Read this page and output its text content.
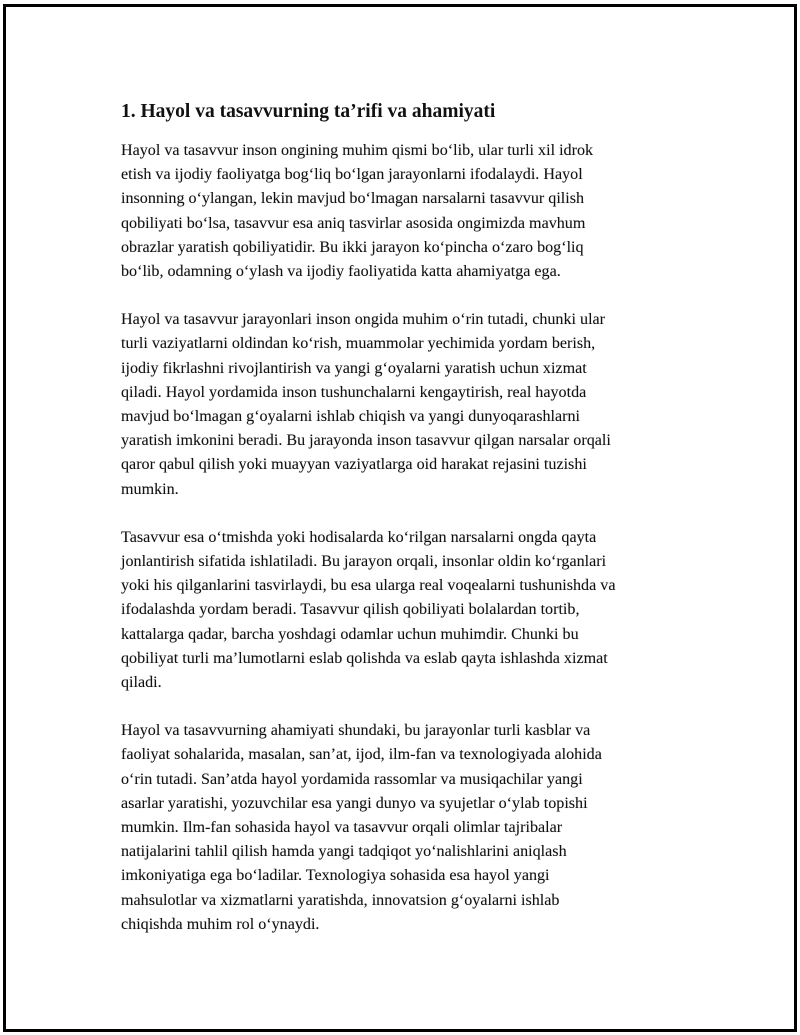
1. Hayol va tasavvurning ta’rifi va ahamiyati

Hayol va tasavvur inson ongining muhim qismi bo‘lib, ular turli xil idrok
etish va ijodiy faoliyatga bog‘liq bo‘lgan jarayonlarni ifodalaydi. Hayol
insonning o‘ylangan, lekin mavjud bo‘lmagan narsalarni tasavvur qilish
qobiliyati bo‘lsa, tasavvur esa aniq tasvirlar asosida ongimizda mavhum
obrazlar yaratish qobiliyatidir. Bu ikki jarayon ko‘pincha o‘zaro bog‘liq
bo‘lib, odamning o‘ylash va ijodiy faoliyatida katta ahamiyatga ega.

Hayol va tasavvur jarayonlari inson ongida muhim o‘rin tutadi, chunki ular
turli vaziyatlarni oldindan ko‘rish, muammolar yechimida yordam berish,
ijodiy fikrlashni rivojlantirish va yangi g‘oyalarni yaratish uchun xizmat
qiladi. Hayol yordamida inson tushunchalarni kengaytirish, real hayotda
mavjud bo‘lmagan g‘oyalarni ishlab chiqish va yangi dunyoqarashlarni
yaratish imkonini beradi. Bu jarayonda inson tasavvur qilgan narsalar orqali
qaror qabul qilish yoki muayyan vaziyatlarga oid harakat rejasini tuzishi
mumkin.

Tasavvur esa o‘tmishda yoki hodisalarda ko‘rilgan narsalarni ongda qayta
jonlantirish sifatida ishlatiladi. Bu jarayon orqali, insonlar oldin ko‘rganlari
yoki his qilganlarini tasvirlaydi, bu esa ularga real voqealarni tushunishda va
ifodalashda yordam beradi. Tasavvur qilish qobiliyati bolalardan tortib,
kattalarga qadar, barcha yoshdagi odamlar uchun muhimdir. Chunki bu
qobiliyat turli ma’lumotlarni eslab qolishda va eslab qayta ishlashda xizmat
qiladi.

Hayol va tasavvurning ahamiyati shundaki, bu jarayonlar turli kasblar va
faoliyat sohalarida, masalan, san’at, ijod, ilm-fan va texnologiyada alohida
o‘rin tutadi. San’atda hayol yordamida rassomlar va musiqachilar yangi
asarlar yaratishi, yozuvchilar esa yangi dunyo va syujetlar o‘ylab topishi
mumkin. Ilm-fan sohasida hayol va tasavvur orqali olimlar tajribalar
natijalarini tahlil qilish hamda yangi tadqiqot yo‘nalishlarini aniqlash
imkoniyatiga ega bo‘ladilar. Texnologiya sohasida esa hayol yangi
mahsulotlar va xizmatlarni yaratishda, innovatsion g‘oyalarni ishlab
chiqishda muhim rol o‘ynaydi.
